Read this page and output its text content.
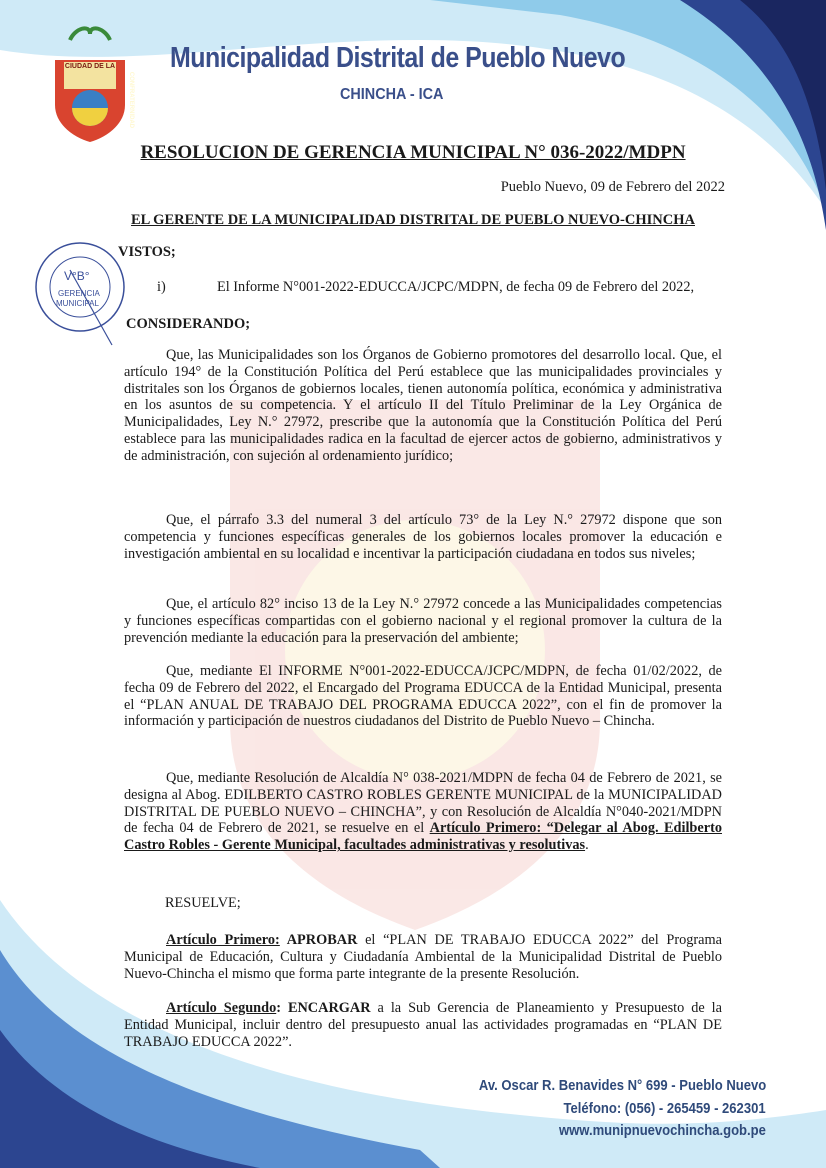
V°B°
GERENCIA
MUNICIPAL
CIUDAD DE LA
CONFRATERNIDAD
Municipalidad Distrital de Pueblo Nuevo
CHINCHA - ICA
RESOLUCION DE GERENCIA MUNICIPAL N° 036-2022/MDPN
Pueblo Nuevo, 09 de Febrero del 2022
EL GERENTE DE LA MUNICIPALIDAD DISTRITAL DE PUEBLO NUEVO-CHINCHA
VISTOS;
i)	El Informe N°001-2022-EDUCCA/JCPC/MDPN, de fecha 09 de Febrero del 2022,
CONSIDERANDO;
Que, las Municipalidades son los Órganos de Gobierno promotores del desarrollo local. Que, el artículo 194° de la Constitución Política del Perú establece que las municipalidades provinciales y distritales son los Órganos de gobiernos locales, tienen autonomía política, económica y administrativa en los asuntos de su competencia. Y el artículo II del Título Preliminar de la Ley Orgánica de Municipalidades, Ley N.° 27972, prescribe que la autonomía que la Constitución Política del Perú establece para las municipalidades radica en la facultad de ejercer actos de gobierno, administrativos y de administración, con sujeción al ordenamiento jurídico;
Que, el párrafo 3.3 del numeral 3 del artículo 73° de la Ley N.° 27972 dispone que son competencia y funciones específicas generales de los gobiernos locales promover la educación e investigación ambiental en su localidad e incentivar la participación ciudadana en todos sus niveles;
Que, el artículo 82° inciso 13 de la Ley N.° 27972 concede a las Municipalidades competencias y funciones específicas compartidas con el gobierno nacional y el regional promover la cultura de la prevención mediante la educación para la preservación del ambiente;
Que, mediante El INFORME N°001-2022-EDUCCA/JCPC/MDPN, de fecha 01/02/2022, de fecha 09 de Febrero del 2022, el Encargado del Programa EDUCCA de la Entidad Municipal, presenta el “PLAN ANUAL DE TRABAJO DEL PROGRAMA EDUCCA 2022”, con el fin de promover la información y participación de nuestros ciudadanos del Distrito de Pueblo Nuevo – Chincha.
Que, mediante Resolución de Alcaldía N° 038-2021/MDPN de fecha 04 de Febrero de 2021, se designa al Abog. EDILBERTO CASTRO ROBLES GERENTE MUNICIPAL de la MUNICIPALIDAD DISTRITAL DE PUEBLO NUEVO – CHINCHA”, y con Resolución de Alcaldía N°040-2021/MDPN de fecha 04 de Febrero de 2021, se resuelve en el Artículo Primero: “Delegar al Abog. Edilberto Castro Robles - Gerente Municipal, facultades administrativas y resolutivas.
RESUELVE;
Artículo Primero: APROBAR el “PLAN DE TRABAJO EDUCCA 2022” del Programa Municipal de Educación, Cultura y Ciudadanía Ambiental de la Municipalidad Distrital de Pueblo Nuevo-Chincha el mismo que forma parte integrante de la presente Resolución.
Artículo Segundo: ENCARGAR a la Sub Gerencia de Planeamiento y Presupuesto de la Entidad Municipal, incluir dentro del presupuesto anual las actividades programadas en “PLAN DE TRABAJO EDUCCA 2022”.
Av. Oscar R. Benavides N° 699 - Pueblo Nuevo
Teléfono: (056) - 265459 - 262301
www.munipnuevochincha.gob.pe
